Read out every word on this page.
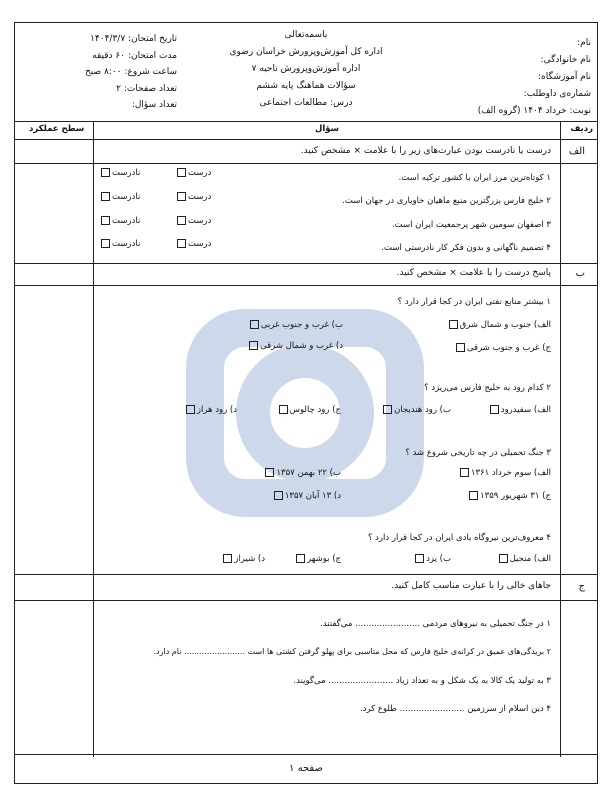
نام:
نام خانوادگی:
نام آموزشگاه:
شماره‌ی داوطلب:
نوبت: خرداد ۱۴۰۴ (گروه الف)
باسمه‌تعالی
اداره کل آموزش‌وپرورش خراسان رضوی
اداره آموزش‌وپرورش ناحیه ۷
سؤالات هماهنگ پایه ششم
درس: مطالعات اجتماعی
تاریخ امتحان: ۱۴۰۴/۳/۷
مدت امتحان: ۶۰ دقیقه
ساعت شروع: ۸:۰۰ صبح
تعداد صفحات: ۲
تعداد سؤال:
ردیف
سؤال
سطح عملکرد
الف
درست یا نادرست بودن عبارت‌های زیر را با علامت × مشخص کنید.
۱ کوتاه‌ترین مرز ایران با کشور ترکیه است.
۲ خلیج فارس بزرگترین منبع ماهیان خاویاری در جهان است.
۳ اصفهان سومین شهر پرجمعیت ایران است.
۴ تصمیم ناگهانی و بدون فکر کار نادرستی است.
درست
نادرست
درست
نادرست
درست
نادرست
درست
نادرست
ب
پاسخ درست را با علامت × مشخص کنید.
۱ بیشتر منابع نفتی ایران در کجا قرار دارد ؟
الف) جنوب و شمال شرق
ب) غرب و جنوب غربی
ج) غرب و جنوب شرقی
د) غرب و شمال شرقی
۲ کدام رود به خلیج فارس می‌ریزد ؟
الف) سفیدرود
ب) رود هندیجان
ج) رود چالوس
د) رود هراز
۳ جنگ تحمیلی در چه تاریخی شروع شد ؟
الف) سوم خرداد ۱۳۶۱
ب) ۲۲ بهمن ۱۳۵۷
ج) ۳۱ شهریور ۱۳۵۹
د) ۱۳ آبان ۱۳۵۷
۴ معروف‌ترین نیروگاه بادی ایران در کجا قرار دارد ؟
الف) منجیل
ب) یزد
ج) بوشهر
د) شیراز
ج
جاهای خالی را با عبارت مناسب کامل کنید.
۱ در جنگ تحمیلی به نیروهای مردمی ........................ می‌گفتند.
۲ بریدگی‌های عمیق در کرانه‌ی خلیج فارس که محل متاسبی برای پهلو گرفتن کشتی ها است ........................ نام دارد.
۳ به تولید یک کالا به یک شکل و به تعداد زیاد ........................ می‌گویند.
۴ دین اسلام از سرزمین ........................ طلوع کرد.
صفحه ۱
